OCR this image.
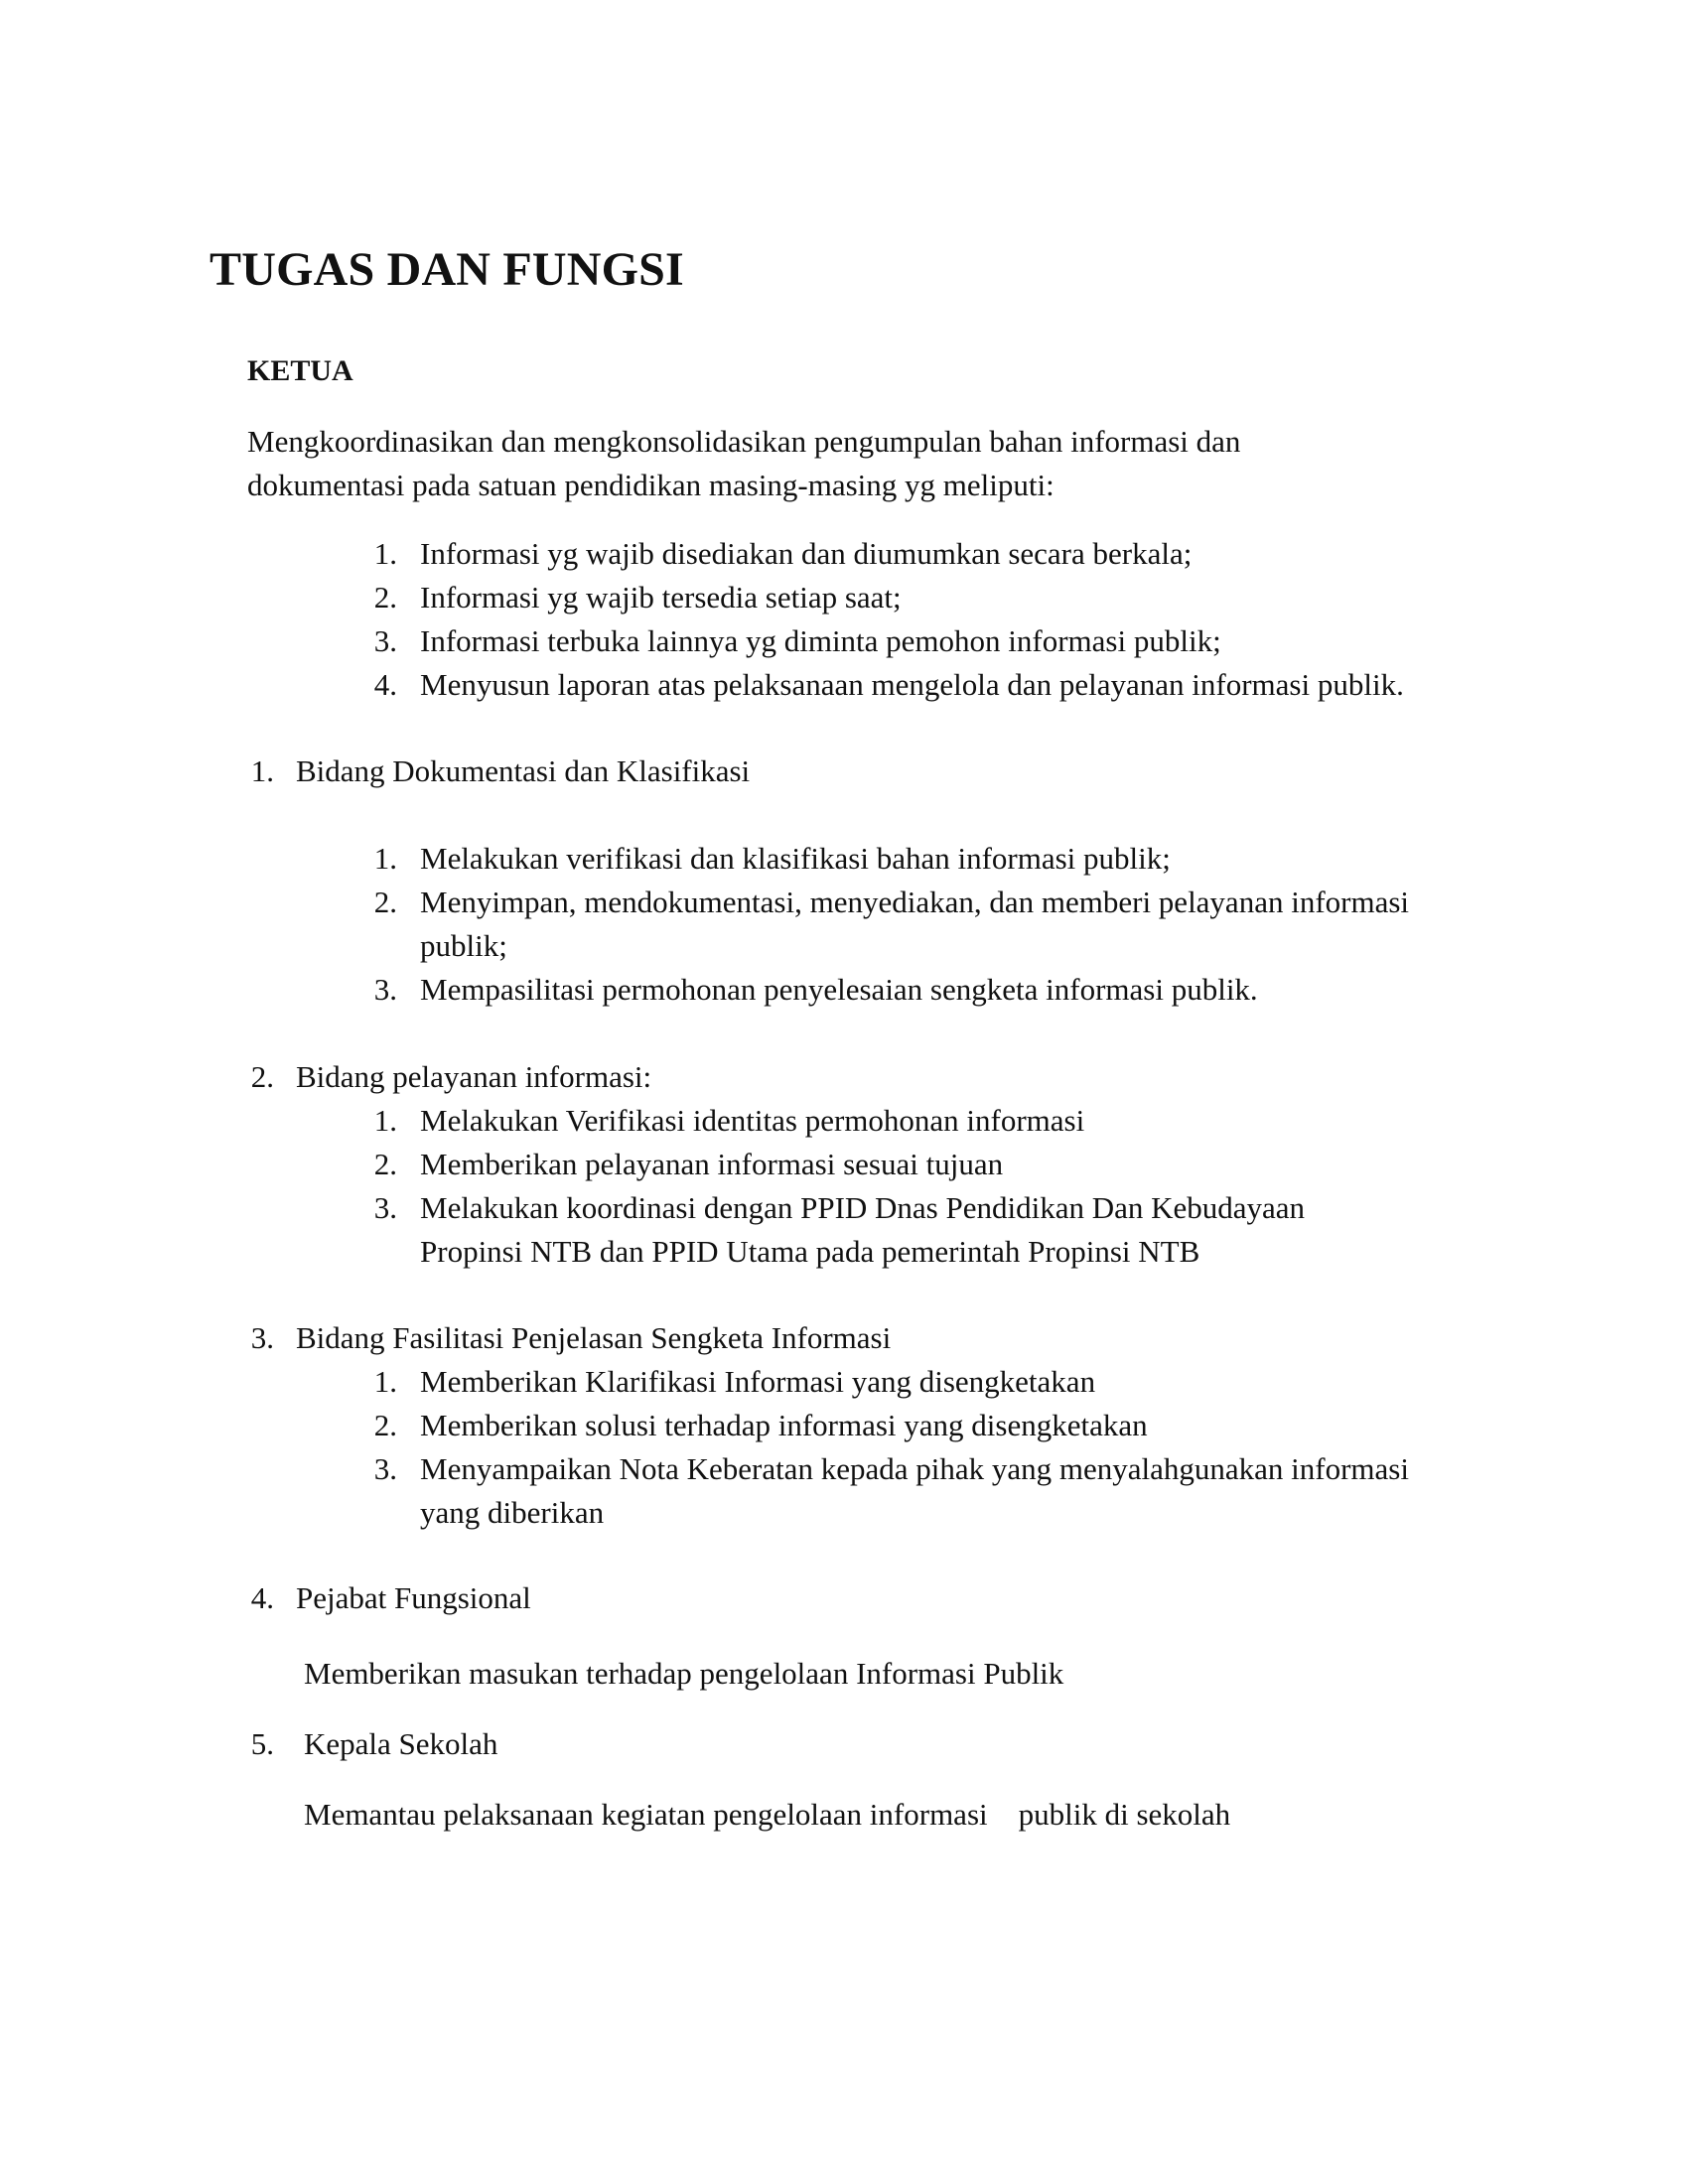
TUGAS DAN FUNGSI
KETUA
Mengkoordinasikan dan mengkonsolidasikan pengumpulan bahan informasi dan
dokumentasi pada satuan pendidikan masing-masing yg meliputi:
1. Informasi yg wajib disediakan dan diumumkan secara berkala;
2. Informasi yg wajib tersedia setiap saat;
3. Informasi terbuka lainnya yg diminta pemohon informasi publik;
4. Menyusun laporan atas pelaksanaan mengelola dan pelayanan informasi publik.
1. Bidang Dokumentasi dan Klasifikasi
1. Melakukan verifikasi dan klasifikasi bahan informasi publik;
2. Menyimpan, mendokumentasi, menyediakan, dan memberi pelayanan informasi
publik;
3. Mempasilitasi permohonan penyelesaian sengketa informasi publik.
2. Bidang pelayanan informasi:
1. Melakukan Verifikasi identitas permohonan informasi
2. Memberikan pelayanan informasi sesuai tujuan
3. Melakukan koordinasi dengan PPID Dnas Pendidikan Dan Kebudayaan
Propinsi NTB dan PPID Utama pada pemerintah Propinsi NTB
3. Bidang Fasilitasi Penjelasan Sengketa Informasi
1. Memberikan Klarifikasi Informasi yang disengketakan
2. Memberikan solusi terhadap informasi yang disengketakan
3. Menyampaikan Nota Keberatan kepada pihak yang menyalahgunakan informasi
yang diberikan
4. Pejabat Fungsional
Memberikan masukan terhadap pengelolaan Informasi Publik
5. Kepala Sekolah
Memantau pelaksanaan kegiatan pengelolaan informasi    publik di sekolah
